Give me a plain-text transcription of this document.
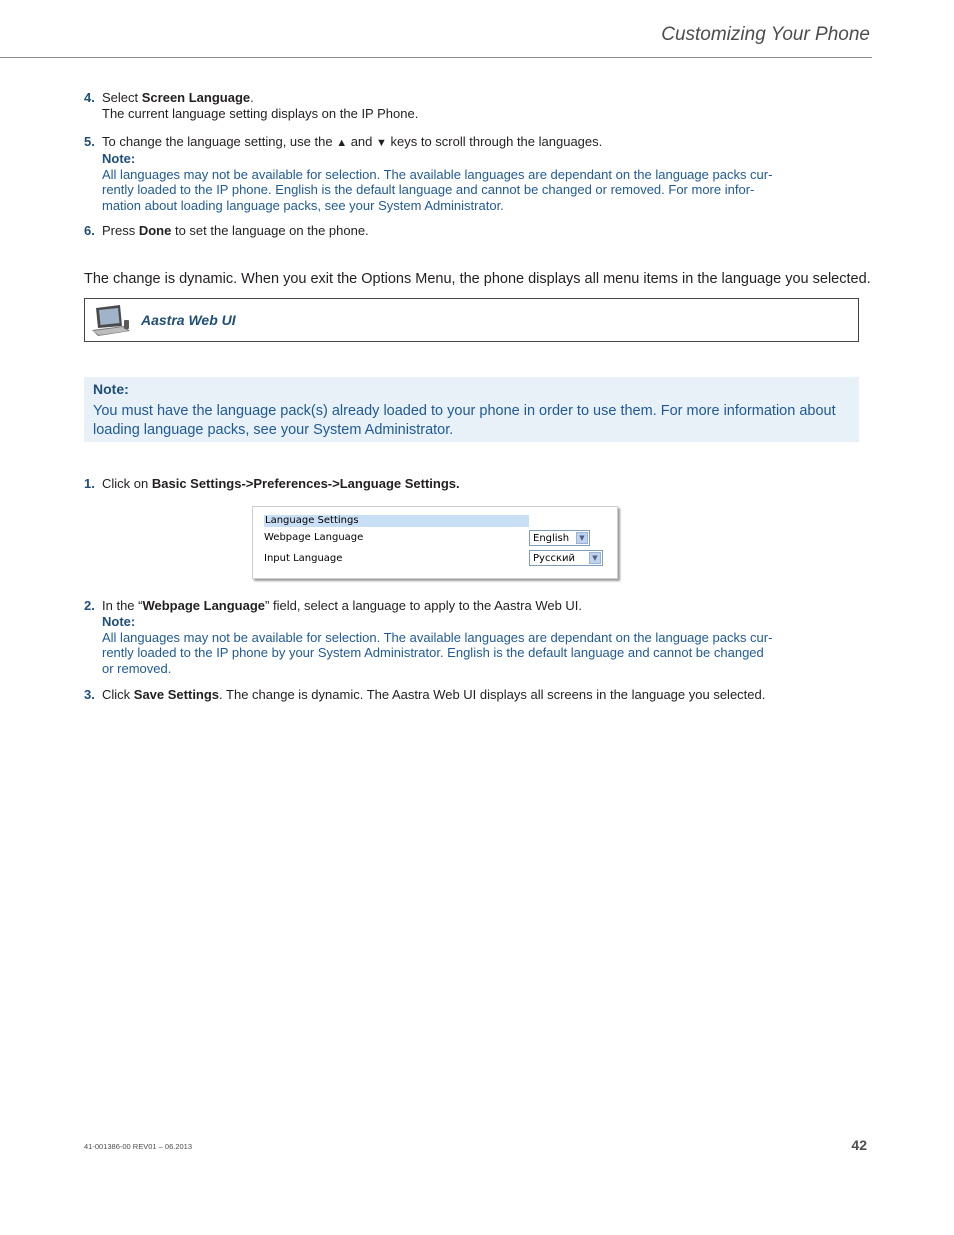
Customizing Your Phone
4. Select Screen Language.
The current language setting displays on the IP Phone.
5. To change the language setting, use the ▲ and ▼ keys to scroll through the languages.
Note:
All languages may not be available for selection. The available languages are dependant on the language packs cur-
rently loaded to the IP phone. English is the default language and cannot be changed or removed. For more infor-
mation about loading language packs, see your System Administrator.
6. Press Done to set the language on the phone.
The change is dynamic. When you exit the Options Menu, the phone displays all menu items in the language you selected.
Aastra Web UI
Note:
You must have the language pack(s) already loaded to your phone in order to use them. For more information about
loading language packs, see your System Administrator.
1. Click on Basic Settings->Preferences->Language Settings.
Language Settings
Webpage Language	English	▼
Input Language	Русский	▼
2. In the “Webpage Language” field, select a language to apply to the Aastra Web UI.
Note:
All languages may not be available for selection. The available languages are dependant on the language packs cur-
rently loaded to the IP phone by your System Administrator. English is the default language and cannot be changed
or removed.
3. Click Save Settings. The change is dynamic. The Aastra Web UI displays all screens in the language you selected.
41-001386-00 REV01 – 06.2013	42
